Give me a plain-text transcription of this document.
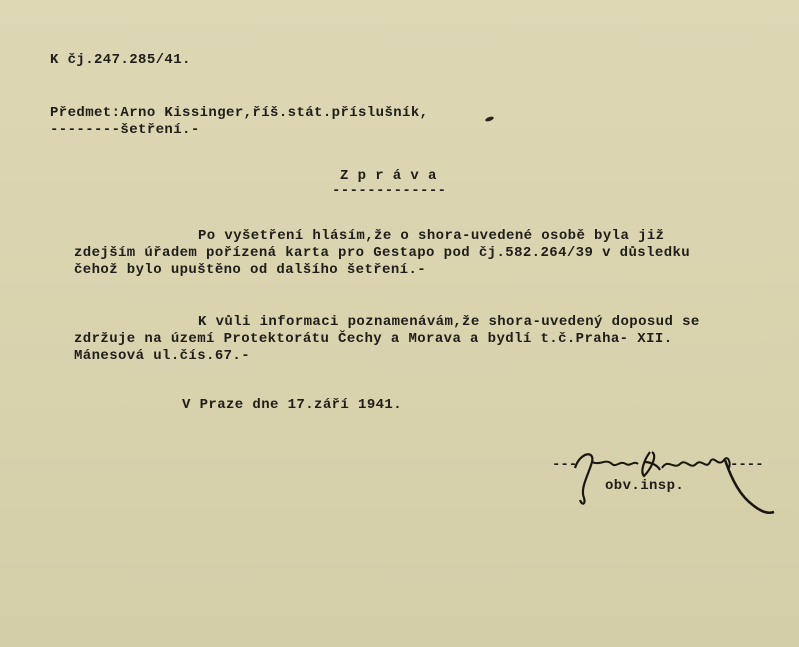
K čj.247.285/41.
Předmet:Arno Kissinger,říš.stát.příslušník,
--------šetření.-
Z p r á v a
-------------
Po vyšetření hlásím,že o shora-uvedené osobě byla již
zdejším úřadem pořízená karta pro Gestapo pod čj.582.264/39 v důsledku
čehož bylo upuštěno od dalšího šetření.-
K vůli informaci poznamenávám,že shora-uvedený doposud se
zdržuje na území Protektorátu Čechy a Morava a bydlí t.č.Praha- XII.
Mánesová ul.čís.67.-
V Praze dne 17.září 1941.
---	----
obv.insp.
